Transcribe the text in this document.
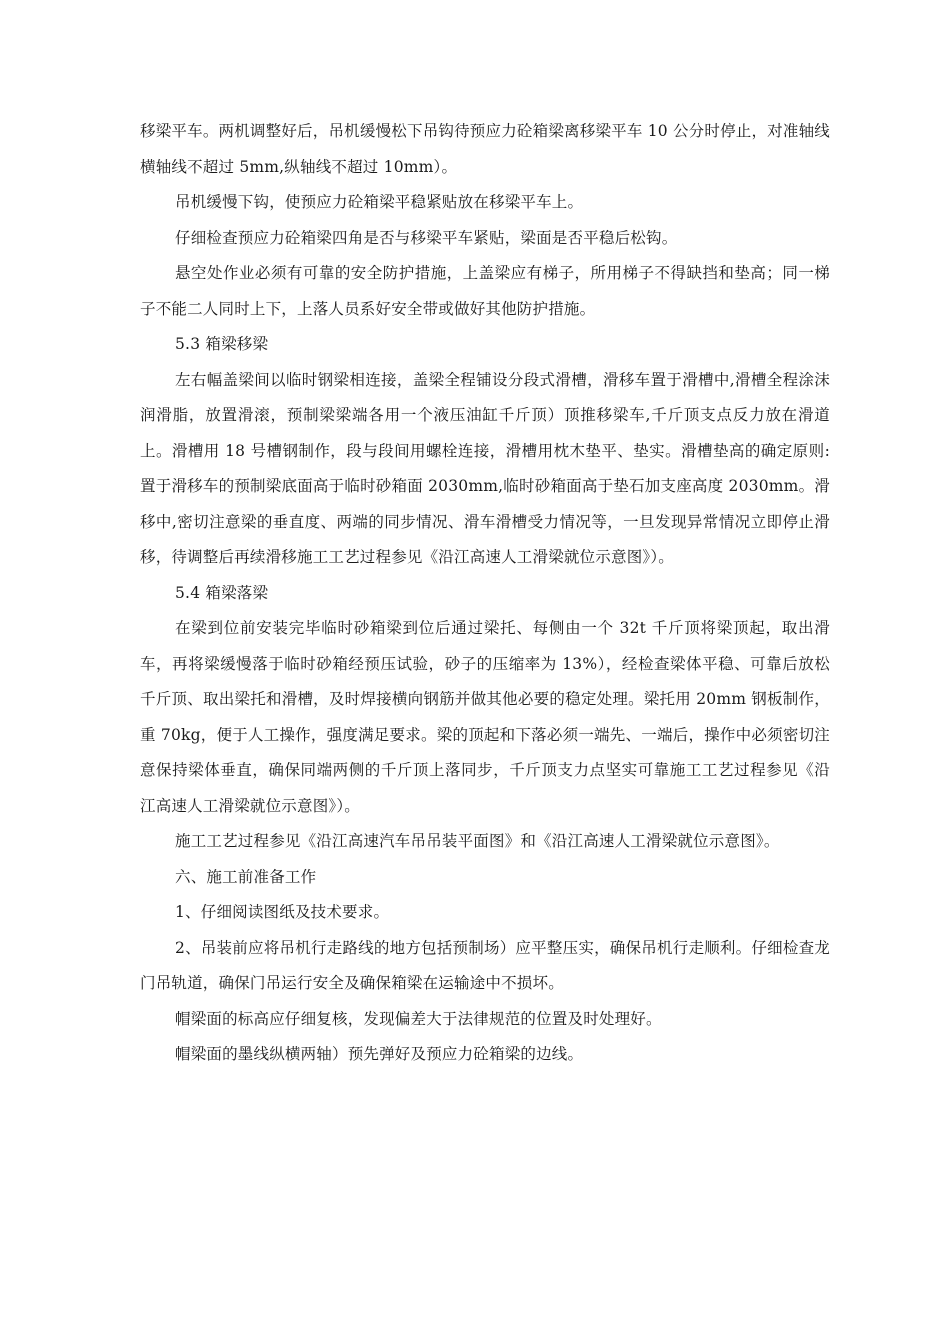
移梁平车。两机调整好后，吊机缓慢松下吊钩待预应力砼箱梁离移梁平车 10 公分时停止，对准轴线横轴线不超过 5mm,纵轴线不超过 10mm）。

吊机缓慢下钩，使预应力砼箱梁平稳紧贴放在移梁平车上。

仔细检查预应力砼箱梁四角是否与移梁平车紧贴，梁面是否平稳后松钩。

悬空处作业必须有可靠的安全防护措施，上盖梁应有梯子，所用梯子不得缺挡和垫高；同一梯子不能二人同时上下，上落人员系好安全带或做好其他防护措施。

5.3 箱梁移梁

左右幅盖梁间以临时钢梁相连接，盖梁全程铺设分段式滑槽，滑移车置于滑槽中,滑槽全程涂沫润滑脂，放置滑滚，预制梁梁端各用一个液压油缸千斤顶）顶推移梁车,千斤顶支点反力放在滑道上。滑槽用 18 号槽钢制作，段与段间用螺栓连接，滑槽用枕木垫平、垫实。滑槽垫高的确定原则:置于滑移车的预制梁底面高于临时砂箱面 2030mm,临时砂箱面高于垫石加支座高度 2030mm。滑移中,密切注意梁的垂直度、两端的同步情况、滑车滑槽受力情况等，一旦发现异常情况立即停止滑移，待调整后再续滑移施工工艺过程参见《沿江高速人工滑梁就位示意图》）。

5.4 箱梁落梁

在梁到位前安装完毕临时砂箱梁到位后通过梁托、每侧由一个 32t 千斤顶将梁顶起，取出滑车，再将梁缓慢落于临时砂箱经预压试验，砂子的压缩率为 13%），经检查梁体平稳、可靠后放松千斤顶、取出梁托和滑槽，及时焊接横向钢筋并做其他必要的稳定处理。梁托用 20mm 钢板制作，重 70kg，便于人工操作，强度满足要求。梁的顶起和下落必须一端先、一端后，操作中必须密切注意保持梁体垂直，确保同端两侧的千斤顶上落同步，千斤顶支力点坚实可靠施工工艺过程参见《沿江高速人工滑梁就位示意图》）。

施工工艺过程参见《沿江高速汽车吊吊装平面图》和《沿江高速人工滑梁就位示意图》。

六、施工前准备工作

1、仔细阅读图纸及技术要求。

2、吊装前应将吊机行走路线的地方包括预制场）应平整压实，确保吊机行走顺利。仔细检查龙门吊轨道，确保门吊运行安全及确保箱梁在运输途中不损坏。

帽梁面的标高应仔细复核，发现偏差大于法律规范的位置及时处理好。

帽梁面的墨线纵横两轴）预先弹好及预应力砼箱梁的边线。
